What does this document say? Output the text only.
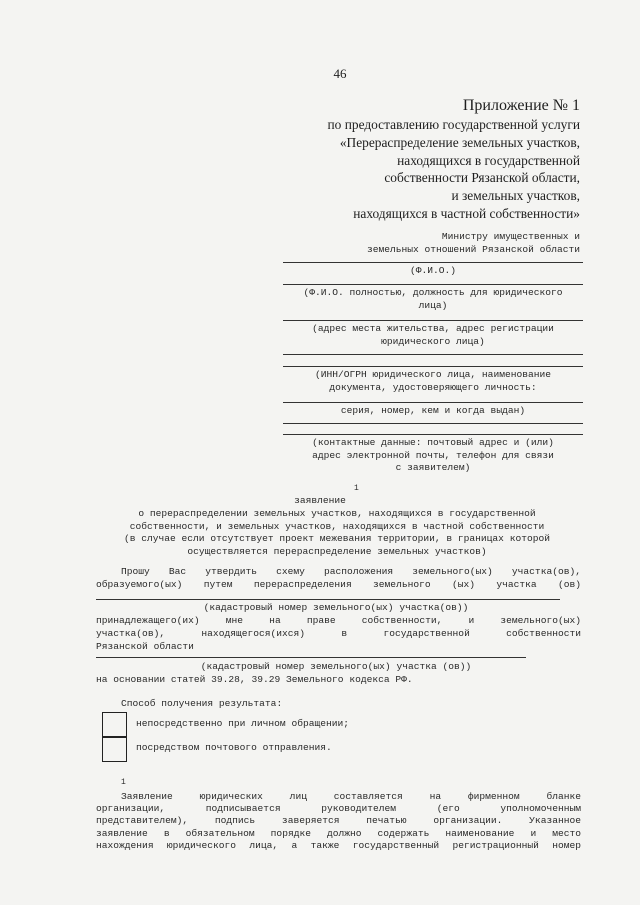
46
Приложение № 1
по предоставлению государственной услуги
«Перераспределение земельных участков,
находящихся в государственной
собственности Рязанской области,
и земельных участков,
находящихся в частной собственности»
Министру имущественных и
земельных отношений Рязанской области
(Ф.И.О.)
(Ф.И.О. полностью, должность для юридического
лица)
(адрес места жительства, адрес регистрации
юридического лица)
(ИНН/ОГРН юридического лица, наименование
документа, удостоверяющего личность:
серия, номер, кем и когда выдан)
(контактные данные: почтовый адрес и (или)
адрес электронной почты, телефон для связи
с заявителем)
1
заявление
о перераспределении земельных участков, находящихся в государственной
собственности, и земельных участков, находящихся в частной собственности
(в случае если отсутствует проект межевания территории, в границах которой
осуществляется перераспределение земельных участков)
Прошу Вас утвердить схему расположения земельного(ых) участка(ов),
образуемого(ых) путем перераспределения земельного (ых) участка (ов)
(кадастровый номер земельного(ых) участка(ов))
принадлежащего(их) мне на праве собственности, и земельного(ых)
участка(ов), находящегося(ихся) в государственной собственности
Рязанской области
(кадастровый номер земельного(ых) участка (ов))
на основании статей 39.28, 39.29 Земельного кодекса РФ.
Способ получения результата:
непосредственно при личном обращении;
посредством почтового отправления.
1
Заявление юридических лиц составляется на фирменном бланке
организации, подписывается руководителем (его уполномоченным
представителем), подпись заверяется печатью организации. Указанное
заявление в обязательном порядке должно содержать наименование и место
нахождения юридического лица, а также государственный регистрационный номер
